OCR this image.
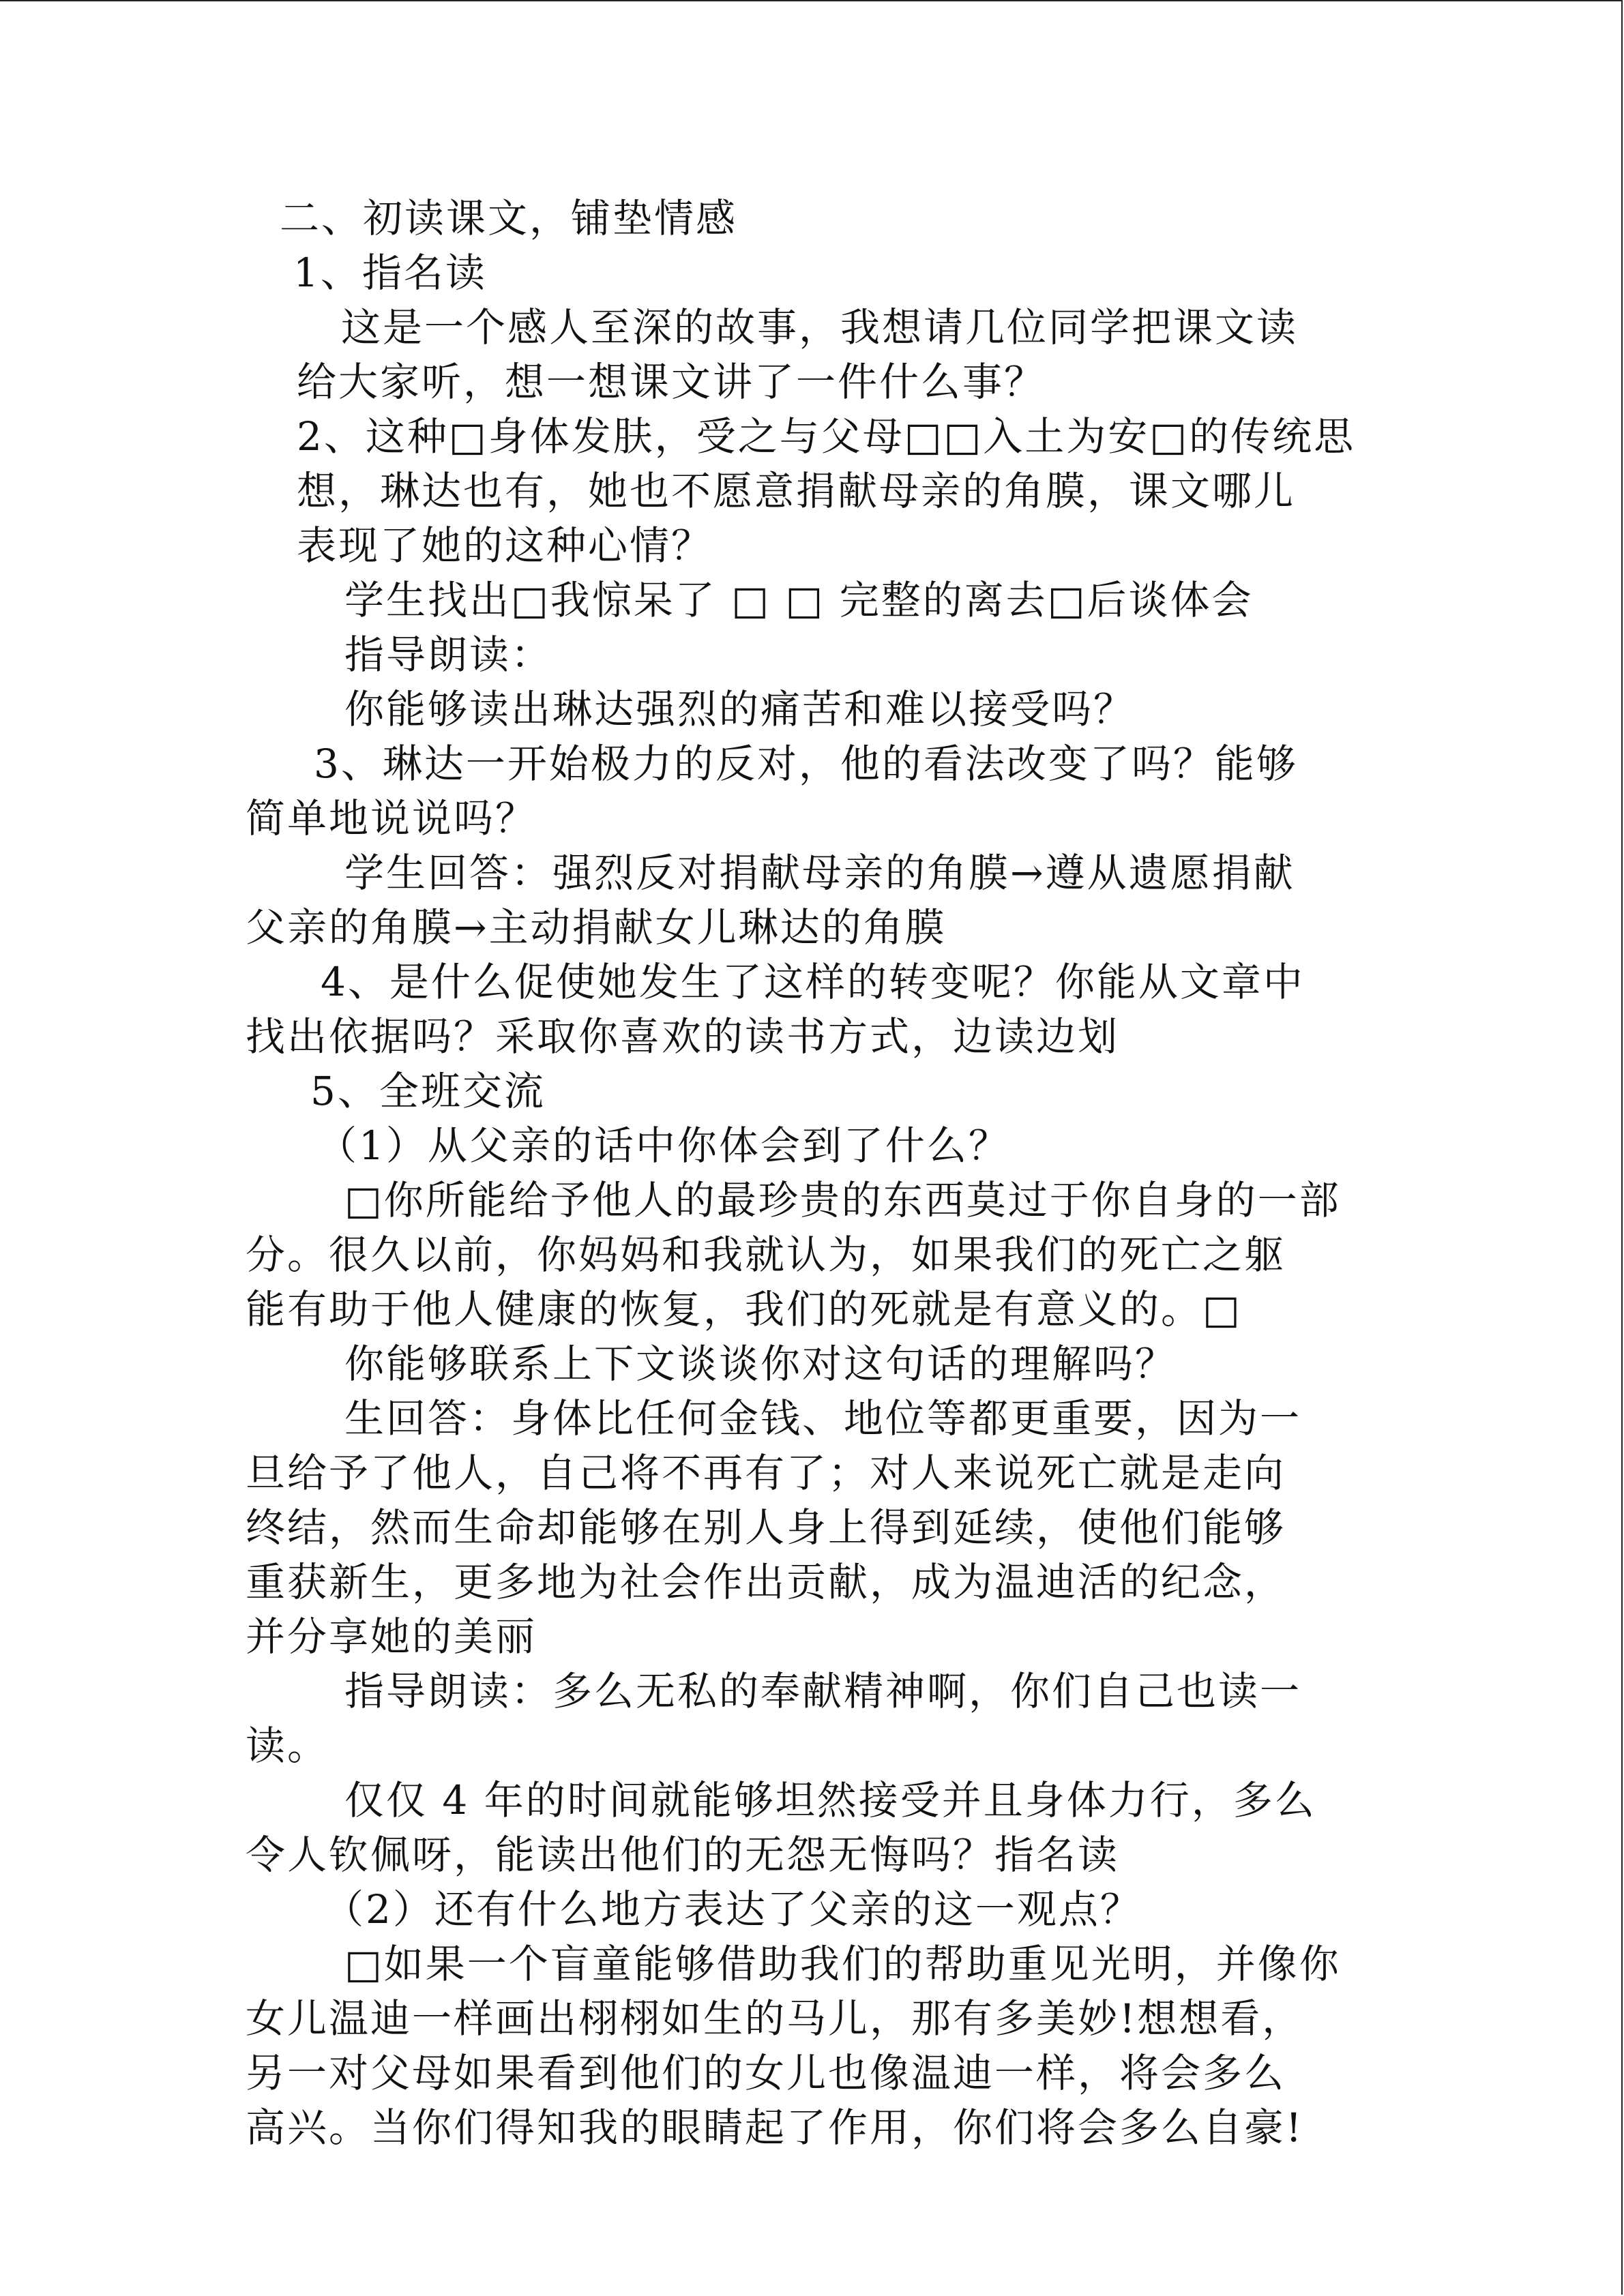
二、初读课文，铺垫情感
1、指名读
这是一个感人至深的故事，我想请几位同学把课文读
给大家听，想一想课文讲了一件什么事？
2、这种□身体发肤，受之与父母□□入土为安□的传统思
想，琳达也有，她也不愿意捐献母亲的角膜，课文哪儿
表现了她的这种心情？
学生找出□我惊呆了 □ □ 完整的离去□后谈体会
指导朗读：
你能够读出琳达强烈的痛苦和难以接受吗？
3、琳达一开始极力的反对，他的看法改变了吗？能够
简单地说说吗？
学生回答：强烈反对捐献母亲的角膜→遵从遗愿捐献
父亲的角膜→主动捐献女儿琳达的角膜
4、是什么促使她发生了这样的转变呢？你能从文章中
找出依据吗？采取你喜欢的读书方式，边读边划
5、全班交流
（1）从父亲的话中你体会到了什么？
□你所能给予他人的最珍贵的东西莫过于你自身的一部
分。很久以前，你妈妈和我就认为，如果我们的死亡之躯
能有助于他人健康的恢复，我们的死就是有意义的。□
你能够联系上下文谈谈你对这句话的理解吗？
生回答：身体比任何金钱、地位等都更重要，因为一
旦给予了他人，自己将不再有了；对人来说死亡就是走向
终结，然而生命却能够在别人身上得到延续，使他们能够
重获新生，更多地为社会作出贡献，成为温迪活的纪念，
并分享她的美丽
指导朗读：多么无私的奉献精神啊，你们自己也读一
读。
仅仅 4 年的时间就能够坦然接受并且身体力行，多么
令人钦佩呀，能读出他们的无怨无悔吗？指名读
（2）还有什么地方表达了父亲的这一观点？
□如果一个盲童能够借助我们的帮助重见光明，并像你
女儿温迪一样画出栩栩如生的马儿，那有多美妙!想想看，
另一对父母如果看到他们的女儿也像温迪一样，将会多么
高兴。当你们得知我的眼睛起了作用，你们将会多么自豪!
